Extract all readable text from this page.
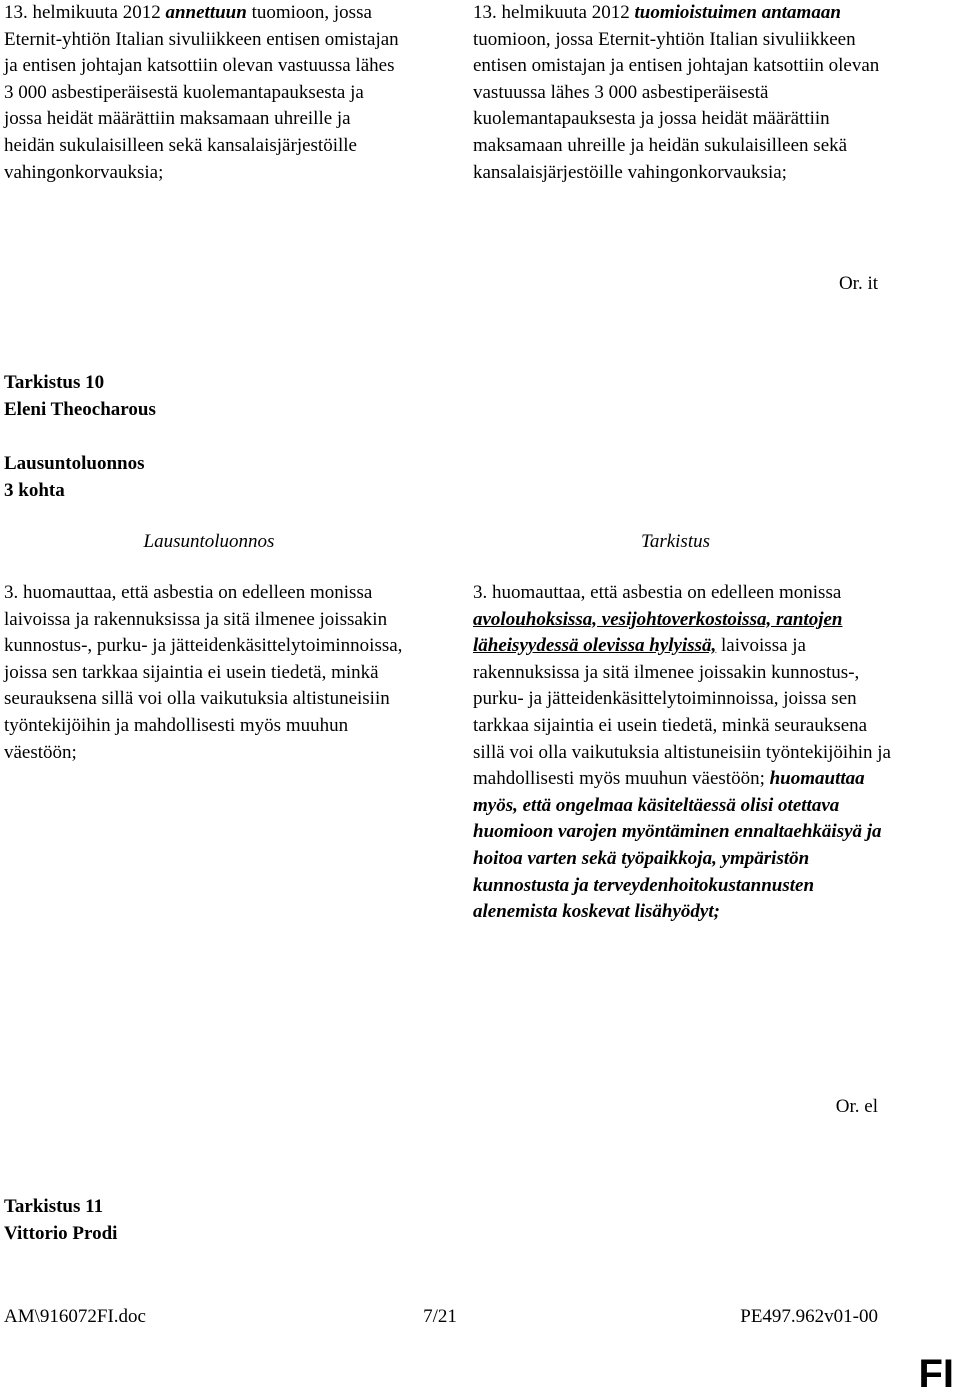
13. helmikuuta 2012 annettuun tuomioon, jossa Eternit-yhtiön Italian sivuliikkeen entisen omistajan ja entisen johtajan katsottiin olevan vastuussa lähes 3 000 asbestiperäisestä kuolemantapauksesta ja jossa heidät määrättiin maksamaan uhreille ja heidän sukulaisilleen sekä kansalaisjärjestöille vahingonkorvauksia;

13. helmikuuta 2012 tuomioistuimen antamaan tuomioon, jossa Eternit-yhtiön Italian sivuliikkeen entisen omistajan ja entisen johtajan katsottiin olevan vastuussa lähes 3 000 asbestiperäisestä kuolemantapauksesta ja jossa heidät määrättiin maksamaan uhreille ja heidän sukulaisilleen sekä kansalaisjärjestöille vahingonkorvauksia;

Or. it
Tarkistus 10
Eleni Theocharous
Lausuntoluonnos
3 kohta
Lausuntoluonnos	Tarkistus

3. huomauttaa, että asbestia on edelleen monissa laivoissa ja rakennuksissa ja sitä ilmenee joissakin kunnostus-, purku- ja jätteidenkäsittelytoiminnoissa, joissa sen tarkkaa sijaintia ei usein tiedetä, minkä seurauksena sillä voi olla vaikutuksia altistuneisiin työntekijöihin ja mahdollisesti myös muuhun väestöön;

3. huomauttaa, että asbestia on edelleen monissa avolouhoksissa, vesijohtoverkostoissa, rantojen läheisyydessä olevissa hylyissä, laivoissa ja rakennuksissa ja sitä ilmenee joissakin kunnostus-, purku- ja jätteidenkäsittelytoiminnoissa, joissa sen tarkkaa sijaintia ei usein tiedetä, minkä seurauksena sillä voi olla vaikutuksia altistuneisiin työntekijöihin ja mahdollisesti myös muuhun väestöön; huomauttaa myös, että ongelmaa käsiteltäessä olisi otettava huomioon varojen myöntäminen ennaltaehkäisyä ja hoitoa varten sekä työpaikkoja, ympäristön kunnostusta ja terveydenhoitokustannusten alenemista koskevat lisähyödyt;

Or. el
Tarkistus 11
Vittorio Prodi
AM\916072FI.doc	7/21	PE497.962v01-00
FI
